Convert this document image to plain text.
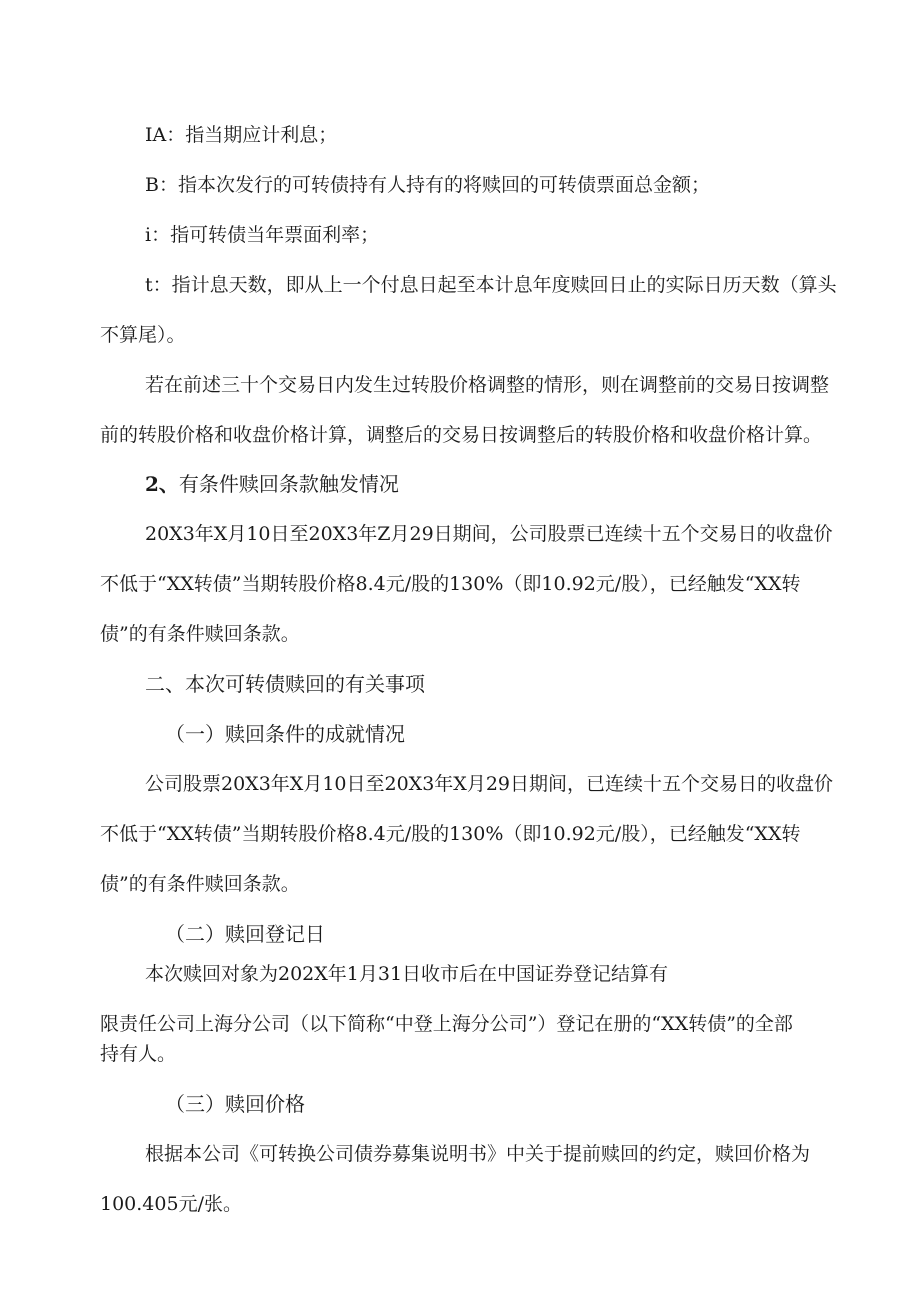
IA：指当期应计利息；
B：指本次发行的可转债持有人持有的将赎回的可转债票面总金额；
i：指可转债当年票面利率；
t：指计息天数，即从上一个付息日起至本计息年度赎回日止的实际日历天数（算头
不算尾）。
若在前述三十个交易日内发生过转股价格调整的情形，则在调整前的交易日按调整
前的转股价格和收盘价格计算，调整后的交易日按调整后的转股价格和收盘价格计算。
2、有条件赎回条款触发情况
20X3年X月10日至20X3年Z月29日期间，公司股票已连续十五个交易日的收盘价
不低于“XX转债”当期转股价格8.4元/股的130%（即10.92元/股），已经触发“XX转
债”的有条件赎回条款。
二、本次可转债赎回的有关事项
（一）赎回条件的成就情况
公司股票20X3年X月10日至20X3年X月29日期间，已连续十五个交易日的收盘价
不低于“XX转债”当期转股价格8.4元/股的130%（即10.92元/股），已经触发“XX转
债”的有条件赎回条款。
（二）赎回登记日
本次赎回对象为202X年1月31日收市后在中国证券登记结算有
限责任公司上海分公司（以下简称“中登上海分公司”）登记在册的“XX转债”的全部
持有人。
（三）赎回价格
根据本公司《可转换公司债券募集说明书》中关于提前赎回的约定，赎回价格为
100.405元/张。
